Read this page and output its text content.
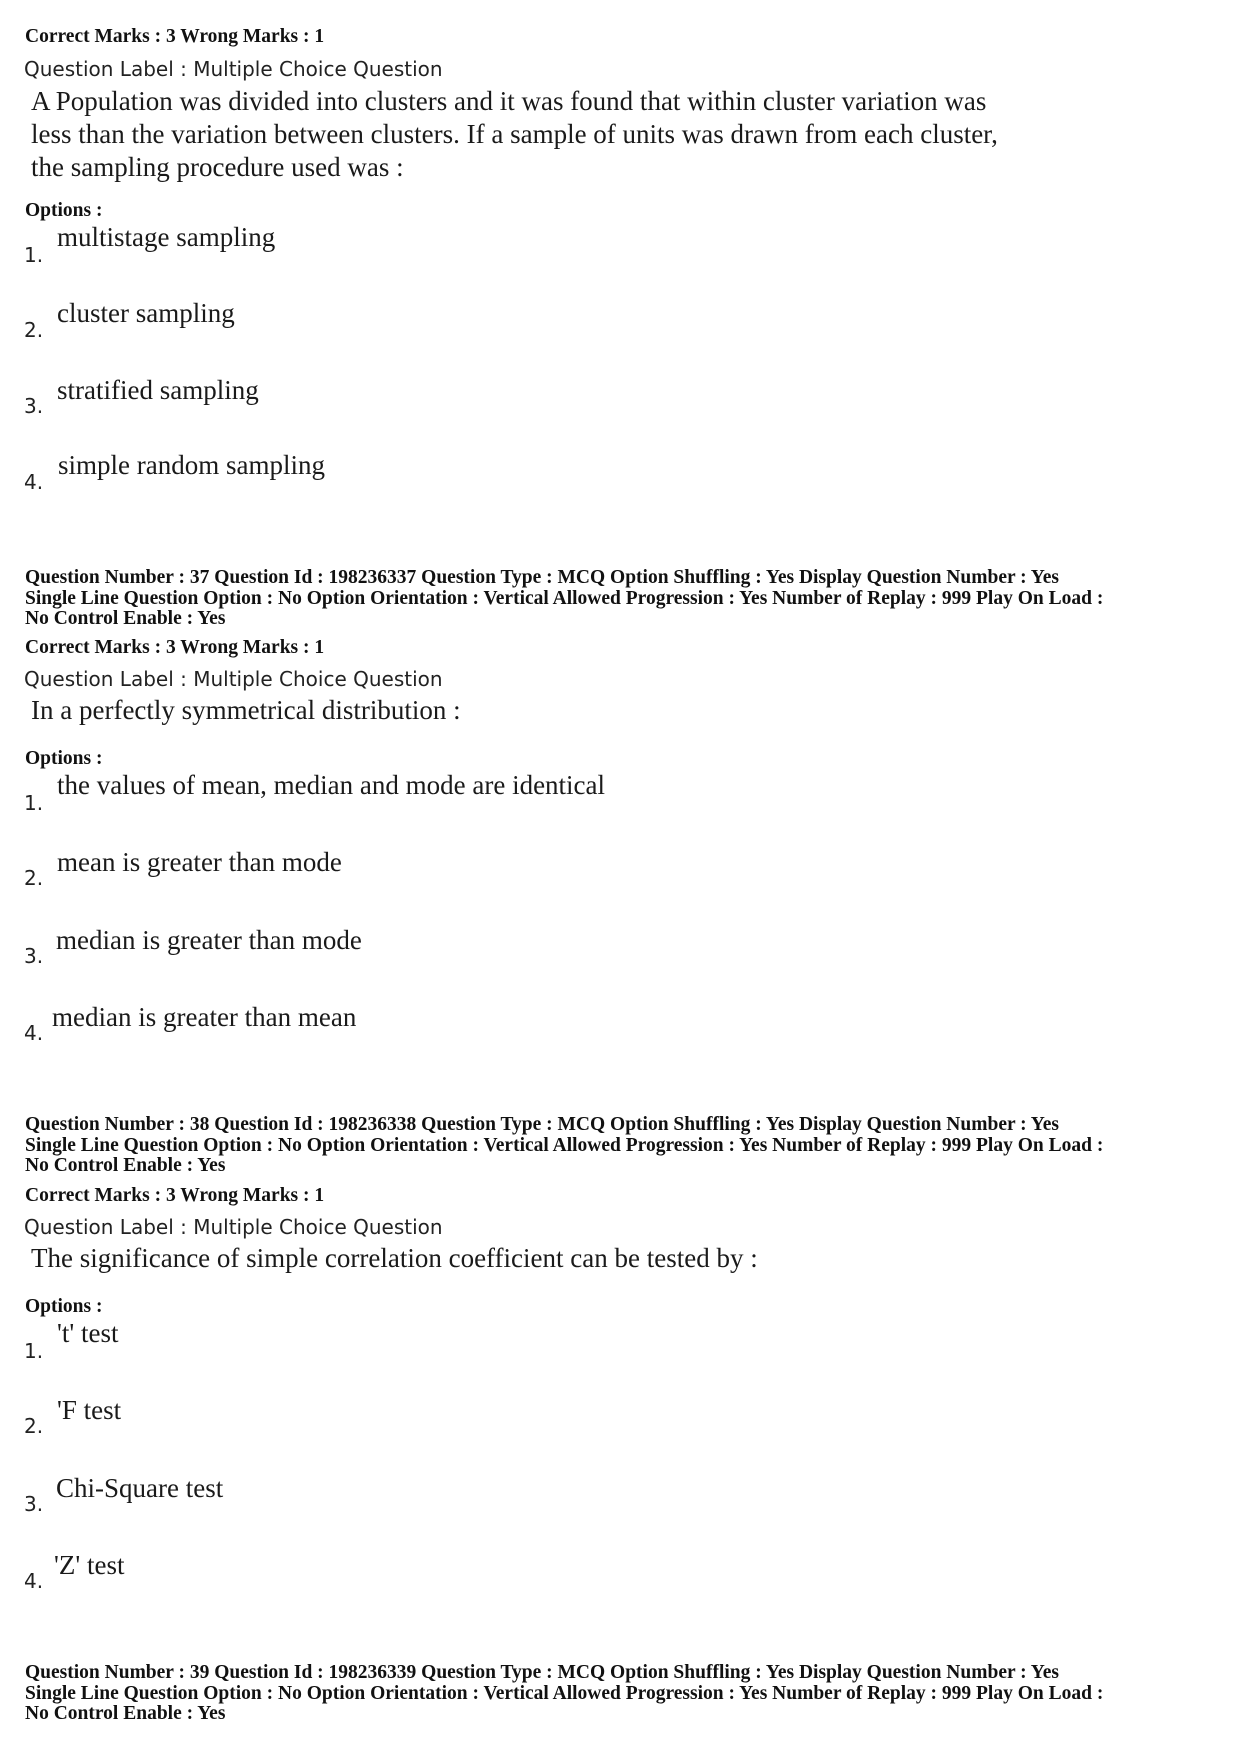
Correct Marks : 3 Wrong Marks : 1
Question Label : Multiple Choice Question
A Population was divided into clusters and it was found that within cluster variation was
less than the variation between clusters. If a sample of units was drawn from each cluster,
the sampling procedure used was :
Options :
1.
multistage sampling
2.
cluster sampling
3.
stratified sampling
4.
simple random sampling
Question Number : 37 Question Id : 198236337 Question Type : MCQ Option Shuffling : Yes Display Question Number : Yes
Single Line Question Option : No Option Orientation : Vertical Allowed Progression : Yes Number of Replay : 999 Play On Load :
No Control Enable : Yes
Correct Marks : 3 Wrong Marks : 1
Question Label : Multiple Choice Question
In a perfectly symmetrical distribution :
Options :
1.
the values of mean, median and mode are identical
2.
mean is greater than mode
3.
median is greater than mode
4.
median is greater than mean
Question Number : 38 Question Id : 198236338 Question Type : MCQ Option Shuffling : Yes Display Question Number : Yes
Single Line Question Option : No Option Orientation : Vertical Allowed Progression : Yes Number of Replay : 999 Play On Load :
No Control Enable : Yes
Correct Marks : 3 Wrong Marks : 1
Question Label : Multiple Choice Question
The significance of simple correlation coefficient can be tested by :
Options :
1.
't' test
2.
'F test
3.
Chi-Square test
4.
'Z' test
Question Number : 39 Question Id : 198236339 Question Type : MCQ Option Shuffling : Yes Display Question Number : Yes
Single Line Question Option : No Option Orientation : Vertical Allowed Progression : Yes Number of Replay : 999 Play On Load :
No Control Enable : Yes
